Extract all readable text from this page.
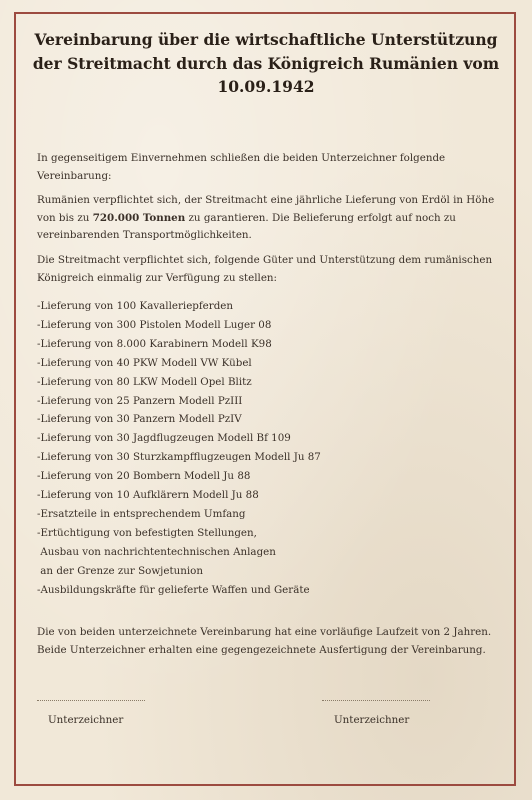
Vereinbarung über die wirtschaftliche Unterstützung der Streitmacht durch das Königreich Rumänien vom 10.09.1942
In gegenseitigem Einvernehmen schließen die beiden Unterzeichner folgende Vereinbarung:
Rumänien verpflichtet sich, der Streitmacht eine jährliche Lieferung von Erdöl in Höhe von bis zu 720.000 Tonnen zu garantieren. Die Belieferung erfolgt auf noch zu vereinbarenden Transportmöglichkeiten.
Die Streitmacht verpflichtet sich, folgende Güter und Unterstützung dem rumänischen Königreich einmalig zur Verfügung zu stellen:
-Lieferung von 100 Kavalleriepferden
-Lieferung von 300 Pistolen Modell Luger 08
-Lieferung von 8.000 Karabinern Modell K98
-Lieferung von 40 PKW Modell VW Kübel
-Lieferung von 80 LKW Modell Opel Blitz
-Lieferung von 25 Panzern Modell PzIII
-Lieferung von 30 Panzern Modell PzIV
-Lieferung von 30 Jagdflugzeugen Modell Bf 109
-Lieferung von 30 Sturzkampfflugzeugen Modell Ju 87
-Lieferung von 20 Bombern Modell Ju 88
-Lieferung von 10 Aufklärern Modell Ju 88
-Ersatzteile in entsprechendem Umfang
-Ertüchtigung von befestigten Stellungen,
Ausbau von nachrichtentechnischen Anlagen
an der Grenze zur Sowjetunion
-Ausbildungskräfte für gelieferte Waffen und Geräte
Die von beiden unterzeichnete Vereinbarung hat eine vorläufige Laufzeit von 2 Jahren. Beide Unterzeichner erhalten eine gegengezeichnete Ausfertigung der Vereinbarung.
Unterzeichner	Unterzeichner
